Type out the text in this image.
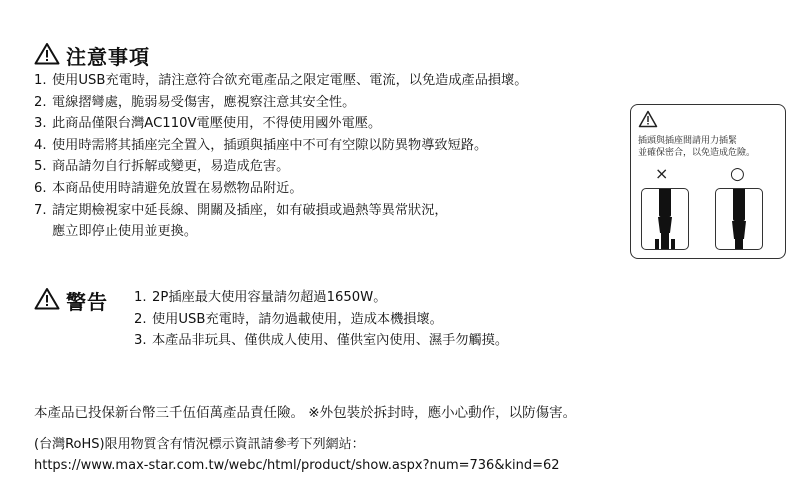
注意事項
1. 使用USB充電時，請注意符合欲充電產品之限定電壓、電流，以免造成產品損壞。
2. 電線摺彎處，脆弱易受傷害，應視察注意其安全性。
3. 此商品僅限台灣AC110V電壓使用，不得使用國外電壓。
4. 使用時需將其插座完全置入，插頭與插座中不可有空隙以防異物導致短路。
5. 商品請勿自行拆解或變更，易造成危害。
6. 本商品使用時請避免放置在易燃物品附近。
7. 請定期檢視家中延長線、開關及插座，如有破損或過熱等異常狀況，
應立即停止使用並更換。
插頭與插座間請用力插緊
並確保密合，以免造成危險。
×	○
警告 1. 2P插座最大使用容量請勿超過1650W。
2. 使用USB充電時，請勿過載使用，造成本機損壞。
3. 本產品非玩具、僅供成人使用、僅供室內使用、濕手勿觸摸。
本產品已投保新台幣三千伍佰萬產品責任險。 ※外包裝於拆封時，應小心動作，以防傷害。
(台灣RoHS)限用物質含有情況標示資訊請參考下列網站：
https://www.max-star.com.tw/webc/html/product/show.aspx?num=736&kind=62
